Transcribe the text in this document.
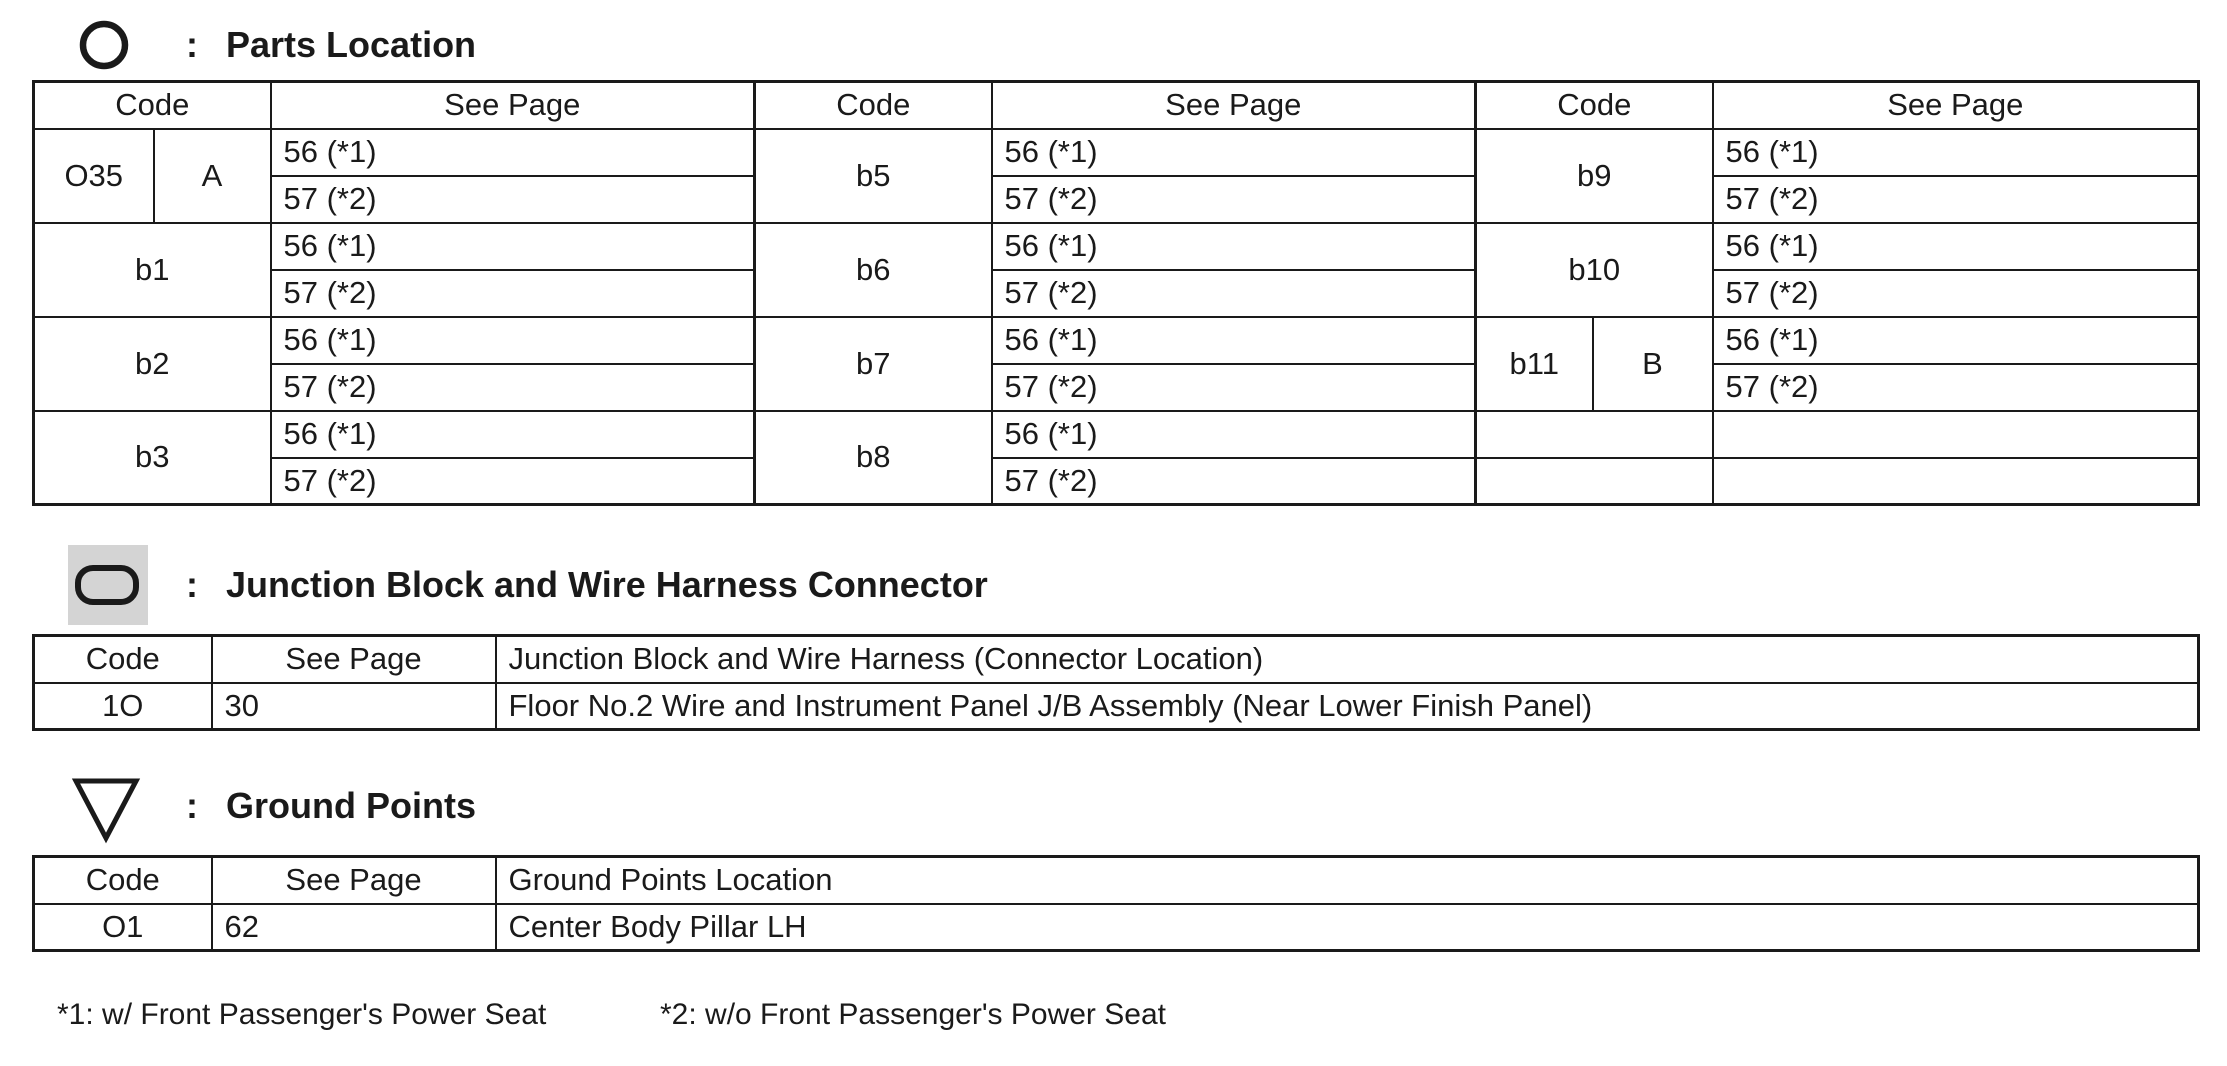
: Parts Location
Code		See Page	Code	See Page	Code		See Page
O35	A	56 (*1)	b5	56 (*1)	b9		56 (*1)
		57 (*2)		57 (*2)			57 (*2)
b1		56 (*1)	b6	56 (*1)	b10		56 (*1)
		57 (*2)		57 (*2)			57 (*2)
b2		56 (*1)	b7	56 (*1)	b11	B	56 (*1)
		57 (*2)		57 (*2)			57 (*2)
b3		56 (*1)	b8	56 (*1)			
		57 (*2)		57 (*2)			
: Junction Block and Wire Harness Connector
Code	See Page	Junction Block and Wire Harness (Connector Location)
1O	30	Floor No.2 Wire and Instrument Panel J/B Assembly (Near Lower Finish Panel)
: Ground Points
Code	See Page	Ground Points Location
O1	62	Center Body Pillar LH
*1: w/ Front Passenger's Power Seat	*2: w/o Front Passenger's Power Seat
